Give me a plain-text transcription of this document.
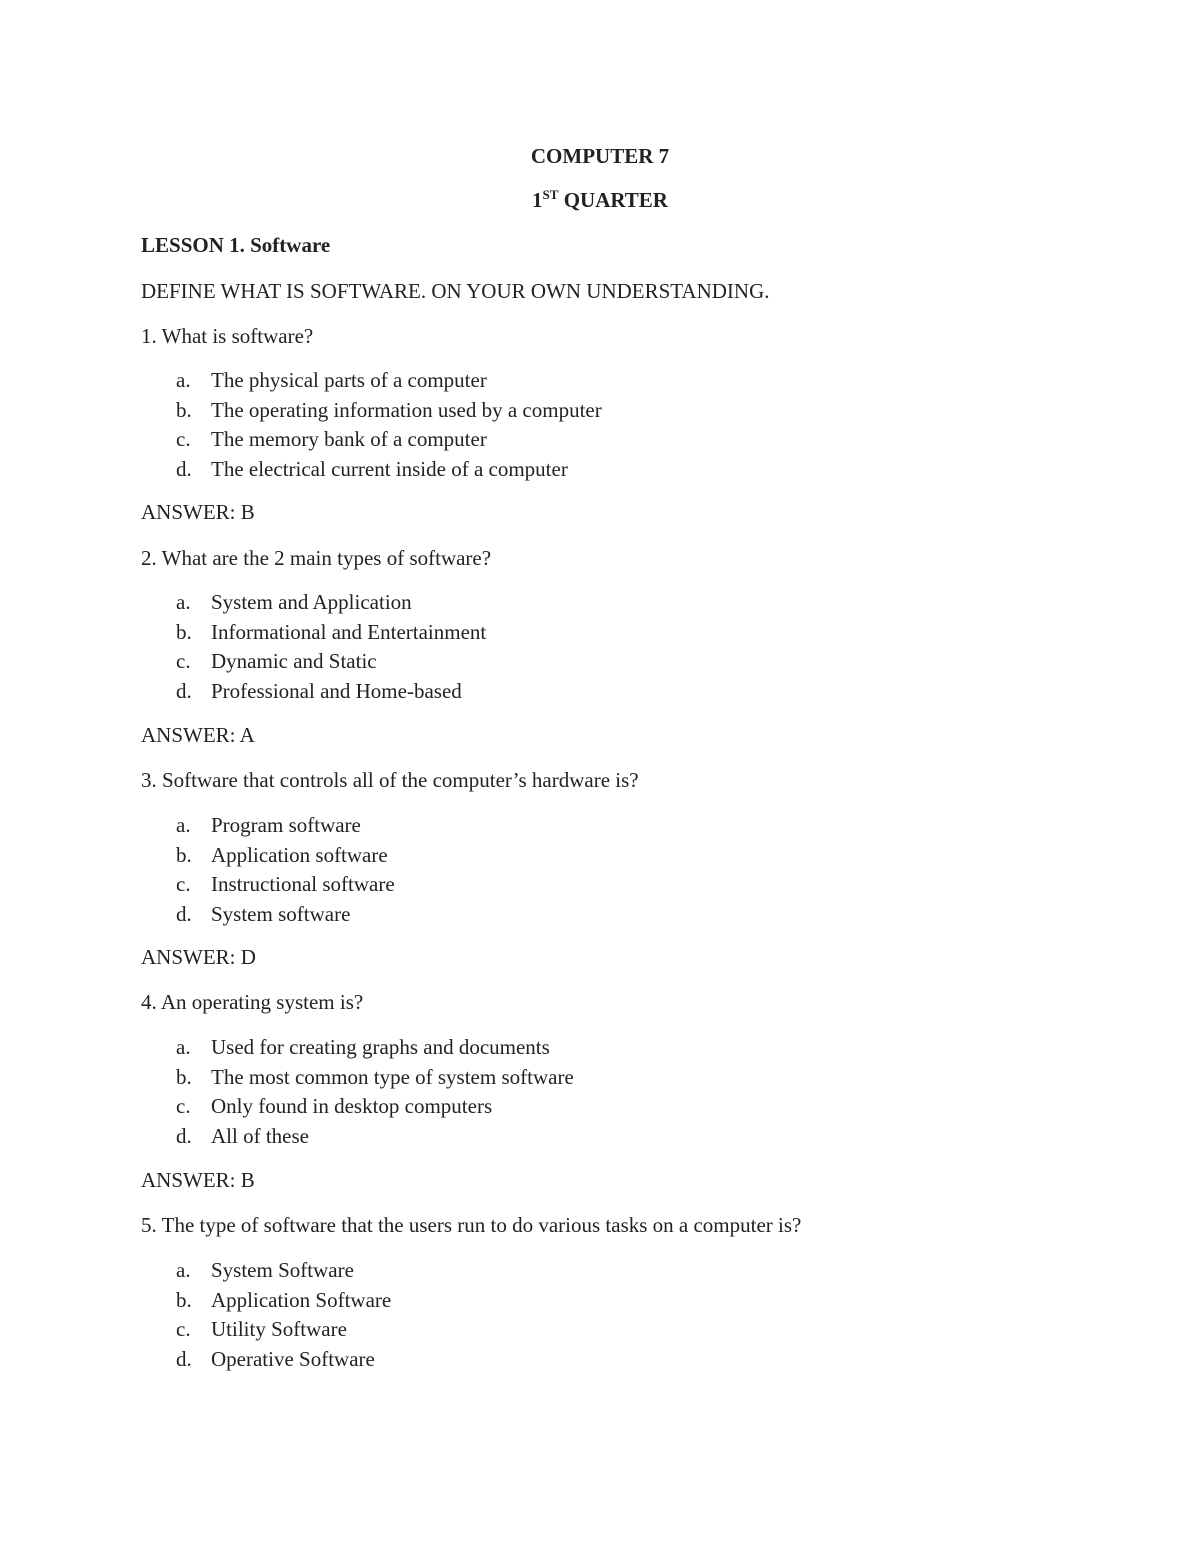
COMPUTER 7
1ST QUARTER
LESSON 1. Software
DEFINE WHAT IS SOFTWARE. ON YOUR OWN UNDERSTANDING.
1. What is software?
a. The physical parts of a computer
b. The operating information used by a computer
c. The memory bank of a computer
d. The electrical current inside of a computer
ANSWER: B
2. What are the 2 main types of software?
a. System and Application
b. Informational and Entertainment
c. Dynamic and Static
d. Professional and Home-based
ANSWER: A
3. Software that controls all of the computer’s hardware is?
a. Program software
b. Application software
c. Instructional software
d. System software
ANSWER: D
4. An operating system is?
a. Used for creating graphs and documents
b. The most common type of system software
c. Only found in desktop computers
d. All of these
ANSWER: B
5. The type of software that the users run to do various tasks on a computer is?
a. System Software
b. Application Software
c. Utility Software
d. Operative Software
